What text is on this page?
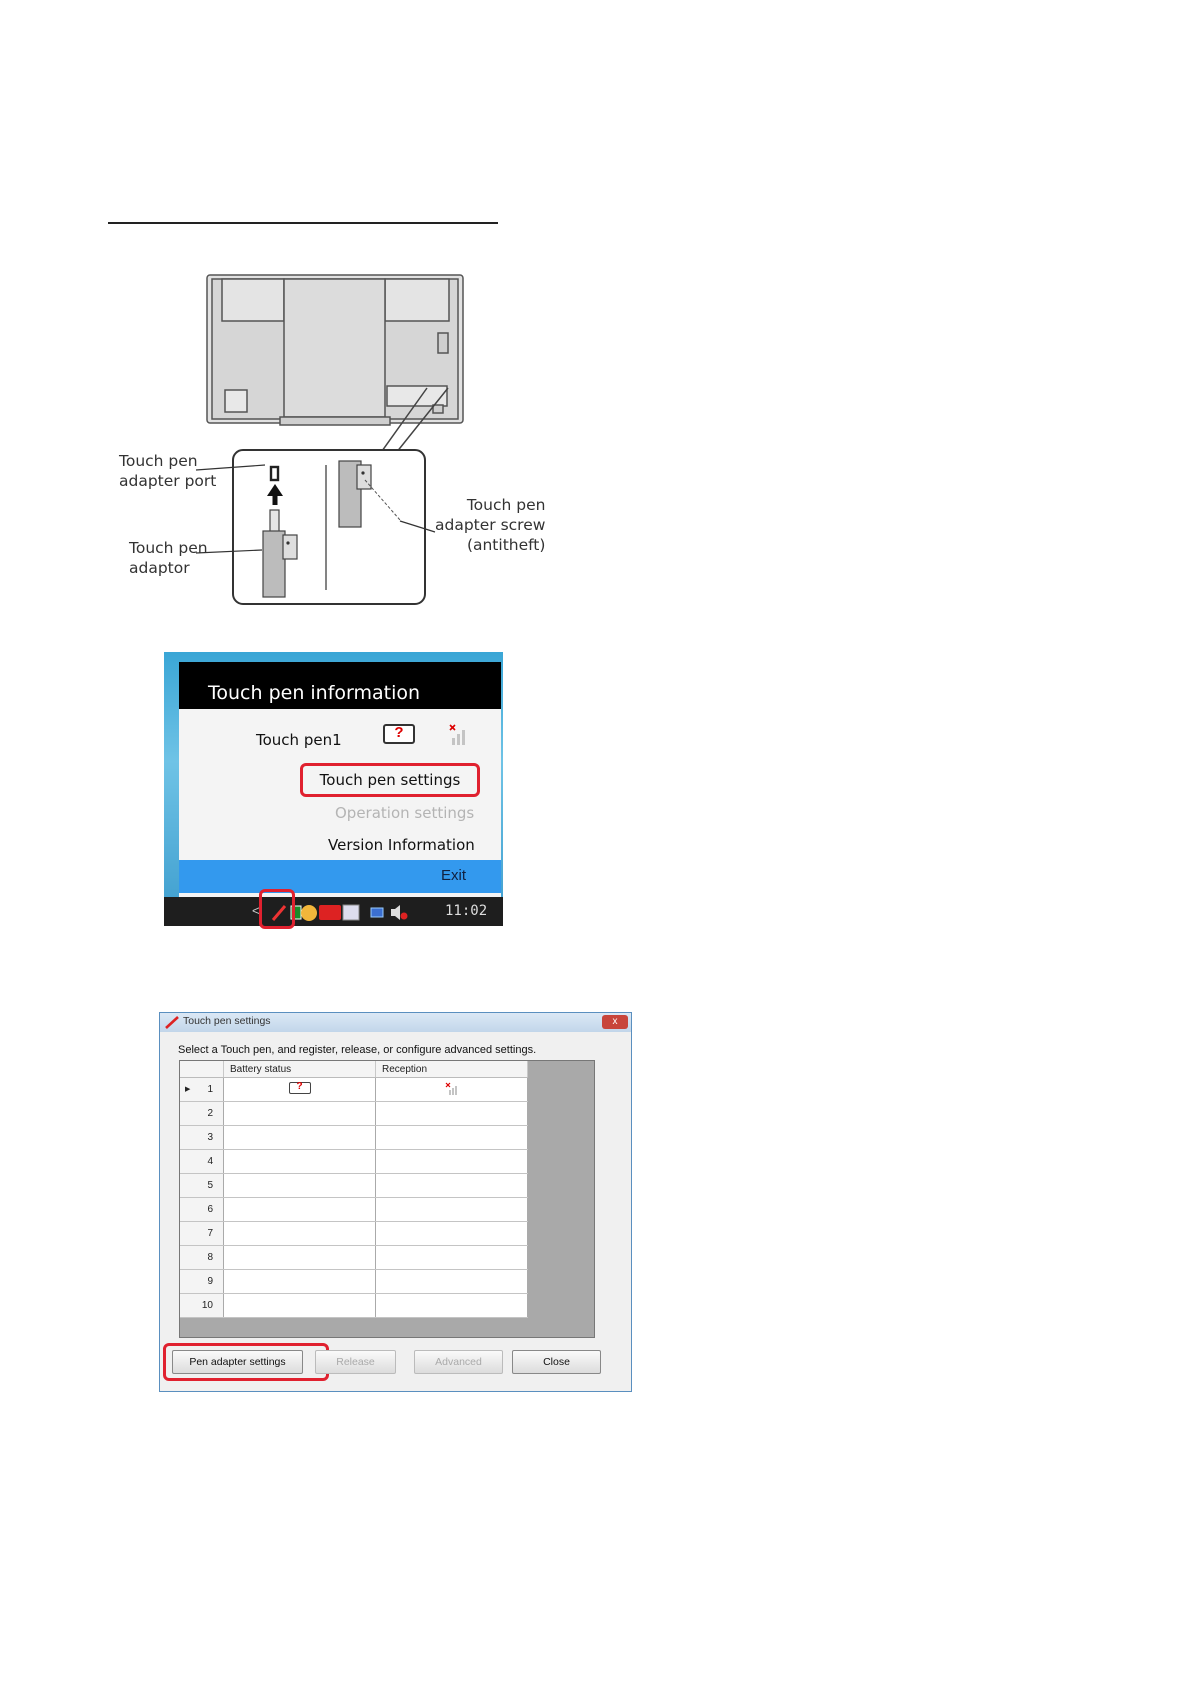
Touch pen
adapter port
Touch pen
adaptor
Touch pen
adapter screw
(antitheft)
Touch pen information
Touch pen1	?
Touch pen settings
Operation settings
Version Information
Exit
<	11:02
Touch pen settings	x
Select a Touch pen, and register, release, or configure advanced settings.
	Battery status	Reception

▶ 1	?

2		
3		
4		
5		
6		
7		
8		
9		
10		
Pen adapter settings	Release	Advanced	Close
